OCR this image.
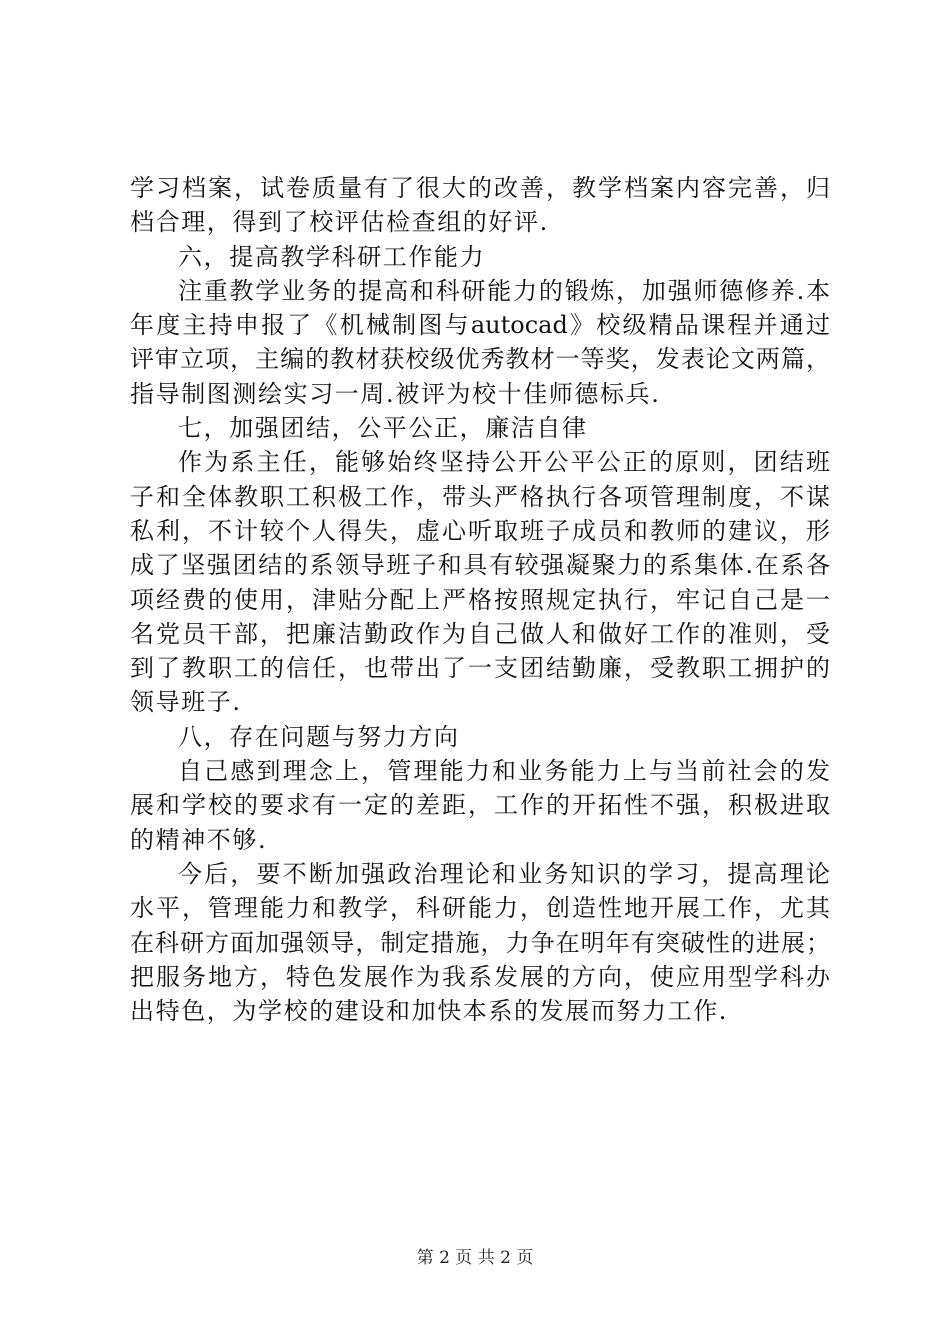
学习档案，试卷质量有了很大的改善，教学档案内容完善，归
档合理，得到了校评估检查组的好评.
六，提高教学科研工作能力
注重教学业务的提高和科研能力的锻炼，加强师德修养.本
年度主持申报了《机械制图与autocad》校级精品课程并通过
评审立项，主编的教材获校级优秀教材一等奖，发表论文两篇，
指导制图测绘实习一周.被评为校十佳师德标兵.
七，加强团结，公平公正，廉洁自律
作为系主任，能够始终坚持公开公平公正的原则，团结班
子和全体教职工积极工作，带头严格执行各项管理制度，不谋
私利，不计较个人得失，虚心听取班子成员和教师的建议，形
成了坚强团结的系领导班子和具有较强凝聚力的系集体.在系各
项经费的使用，津贴分配上严格按照规定执行，牢记自己是一
名党员干部，把廉洁勤政作为自己做人和做好工作的准则，受
到了教职工的信任，也带出了一支团结勤廉，受教职工拥护的
领导班子.
八，存在问题与努力方向
自己感到理念上，管理能力和业务能力上与当前社会的发
展和学校的要求有一定的差距，工作的开拓性不强，积极进取
的精神不够.
今后，要不断加强政治理论和业务知识的学习，提高理论
水平，管理能力和教学，科研能力，创造性地开展工作，尤其
在科研方面加强领导，制定措施，力争在明年有突破性的进展；
把服务地方，特色发展作为我系发展的方向，使应用型学科办
出特色，为学校的建设和加快本系的发展而努力工作.
第 2 页 共 2 页
